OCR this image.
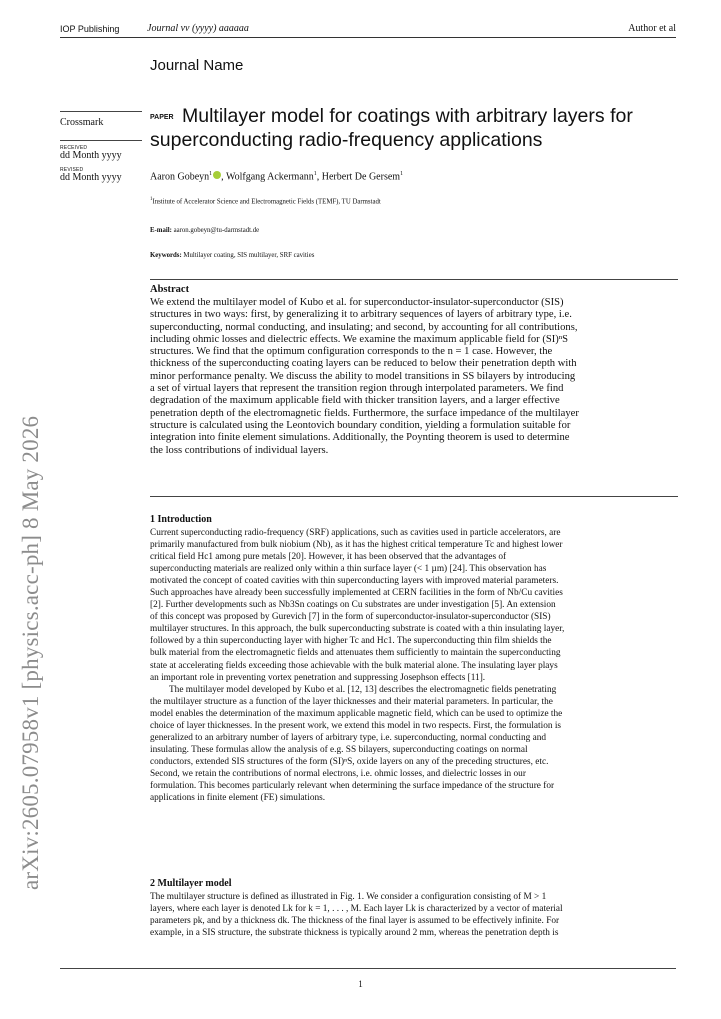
IOP Publishing	Journal vv (yyyy) aaaaaa	Author et al
Journal Name
Crossmark
RECEIVED
dd Month yyyy
REVISED
dd Month yyyy
Multilayer model for coatings with arbitrary layers for
superconducting radio-frequency applications
PAPER
Aaron Gobeyn$^1$ , Wolfgang Ackermann$^1$, Herbert De Gersem$^1$
$^1$Institute of Accelerator Science and Electromagnetic Fields (TEMF), TU Darmstadt
E-mail: aaron.gobeyn@tu-darmstadt.de
Keywords: Multilayer coating, SIS multilayer, SRF cavities
Abstract
We extend the multilayer model of Kubo et al. for superconductor-insulator-superconductor (SIS)
structures in two ways: first, by generalizing it to arbitrary sequences of layers of arbitrary type, i.e.
superconducting, normal conducting, and insulating; and second, by accounting for all contributions,
including ohmic losses and dielectric effects. We examine the maximum applicable field for (SI)ⁿS
structures. We find that the optimum configuration corresponds to the n = 1 case. However, the
thickness of the superconducting coating layers can be reduced to below their penetration depth with
minor performance penalty. We discuss the ability to model transitions in SS bilayers by introducing
a set of virtual layers that represent the transition region through interpolated parameters. We find
degradation of the maximum applicable field with thicker transition layers, and a larger effective
penetration depth of the electromagnetic fields. Furthermore, the surface impedance of the multilayer
structure is calculated using the Leontovich boundary condition, yielding a formulation suitable for
integration into finite element simulations. Additionally, the Poynting theorem is used to determine
the loss contributions of individual layers.
1 Introduction
Current superconducting radio-frequency (SRF) applications, such as cavities used in particle accelerators, are
primarily manufactured from bulk niobium (Nb), as it has the highest critical temperature Tc and highest lower
critical field Hc1 among pure metals [20]. However, it has been observed that the advantages of
superconducting materials are realized only within a thin surface layer (< 1 µm) [24]. This observation has
motivated the concept of coated cavities with thin superconducting layers with improved material parameters.
Such approaches have already been successfully implemented at CERN facilities in the form of Nb/Cu cavities
[2]. Further developments such as Nb3Sn coatings on Cu substrates are under investigation [5]. An extension
of this concept was proposed by Gurevich [7] in the form of superconductor-insulator-superconductor (SIS)
multilayer structures. In this approach, the bulk superconducting substrate is coated with a thin insulating layer,
followed by a thin superconducting layer with higher Tc and Hc1. The superconducting thin film shields the
bulk material from the electromagnetic fields and attenuates them sufficiently to maintain the superconducting
state at accelerating fields exceeding those achievable with the bulk material alone. The insulating layer plays
an important role in preventing vortex penetration and suppressing Josephson effects [11].
The multilayer model developed by Kubo et al. [12, 13] describes the electromagnetic fields penetrating
the multilayer structure as a function of the layer thicknesses and their material parameters. In particular, the
model enables the determination of the maximum applicable magnetic field, which can be used to optimize the
choice of layer thicknesses. In the present work, we extend this model in two respects. First, the formulation is
generalized to an arbitrary number of layers of arbitrary type, i.e. superconducting, normal conducting and
insulating. These formulas allow the analysis of e.g. SS bilayers, superconducting coatings on normal
conductors, extended SIS structures of the form (SI)ⁿS, oxide layers on any of the preceding structures, etc.
Second, we retain the contributions of normal electrons, i.e. ohmic losses, and dielectric losses in our
formulation. This becomes particularly relevant when determining the surface impedance of the structure for
applications in finite element (FE) simulations.
2 Multilayer model
The multilayer structure is defined as illustrated in Fig. 1. We consider a configuration consisting of M > 1
layers, where each layer is denoted Lk for k = 1, . . . , M. Each layer Lk is characterized by a vector of material
parameters pk, and by a thickness dk. The thickness of the final layer is assumed to be effectively infinite. For
example, in a SIS structure, the substrate thickness is typically around 2 mm, whereas the penetration depth is
1
arXiv:2605.07958v1 [physics.acc-ph] 8 May 2026
